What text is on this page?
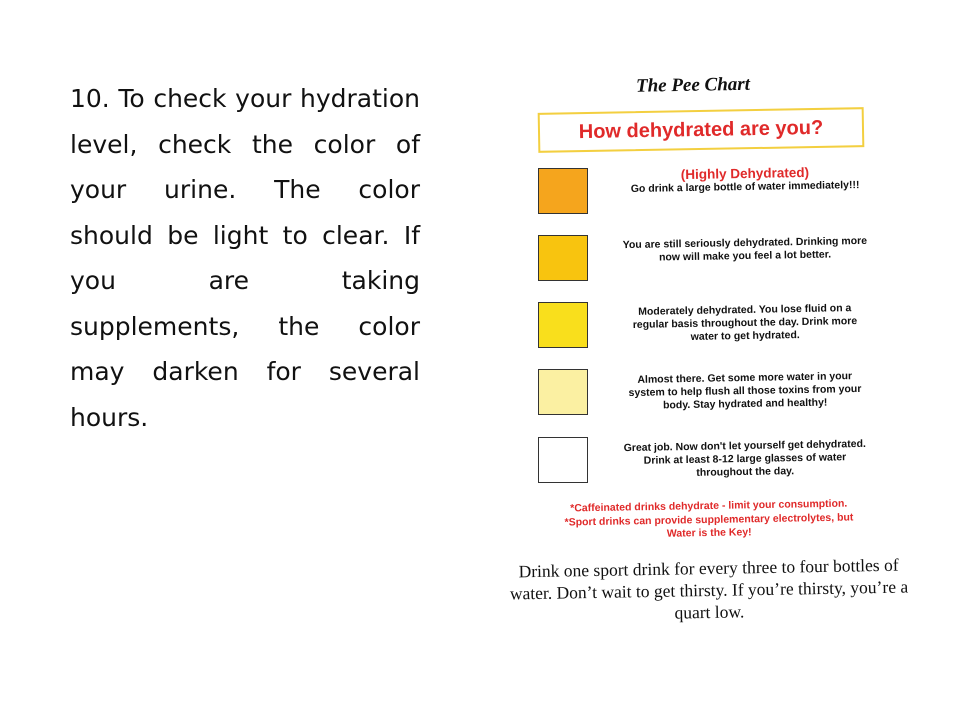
10. To check your hydration level, check the color of your urine. The color should be light to clear. If you are taking supplements, the color may darken for several hours.
The Pee Chart
How dehydrated are you?
(Highly Dehydrated)
Go drink a large bottle of water immediately!!!
You are still seriously dehydrated. Drinking more now will make you feel a lot better.
Moderately dehydrated. You lose fluid on a regular basis throughout the day. Drink more water to get hydrated.
Almost there. Get some more water in your system to help flush all those toxins from your body. Stay hydrated and healthy!
Great job. Now don't let yourself get dehydrated. Drink at least 8-12 large glasses of water throughout the day.
*Caffeinated drinks dehydrate - limit your consumption.
*Sport drinks can provide supplementary electrolytes, but
Water is the Key!
Drink one sport drink for every three to four bottles of water. Don’t wait to get thirsty. If you’re thirsty, you’re a quart low.
